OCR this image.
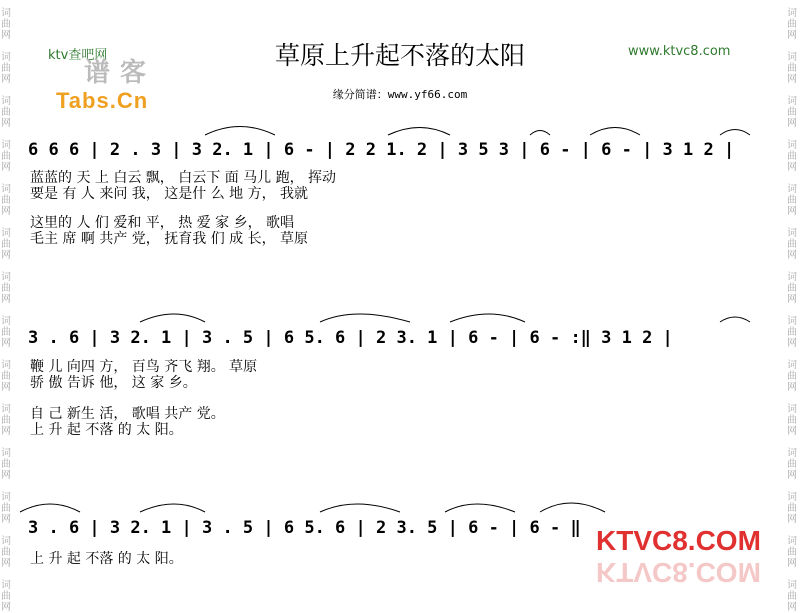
词
曲
网
词
曲
网
词
曲
网
词
曲
网
词
曲
网
词
曲
网
词
曲
网
词
曲
网
词
曲
网
词
曲
网
词
曲
网
词
曲
网
词
曲
网
词
曲
网
词
曲
网
词
曲
网
词
曲
网
词
曲
网
词
曲
网
词
曲
网
词
曲
网
词
曲
网
词
曲
网
词
曲
网
词
曲
网
词
曲
网
词
曲
网
词
曲
网
ktv查吧网
谱客
Tabs.Cn
www.ktvc8.com
草原上升起不落的太阳
缘分简谱：www.yf66.com
6 6 6 | 2 . 3 | 3 2. 1 | 6 - | 2 2 1. 2 | 3 5 3 | 6 - | 6 - | 3 1 2 |
蓝蓝的 天 上 白云 飘， 白云下 面 马儿 跑， 挥动
要是 有 人 来问 我， 这是什 么 地 方， 我就
这里的 人 们 爱和 平， 热 爱 家 乡， 歌唱
毛主 席 啊 共产 党， 抚育我 们 成 长， 草原
3 . 6 | 3 2. 1 | 3 . 5 | 6 5. 6 | 2 3. 1 | 6 - | 6 - :‖ 3 1 2 |
鞭 儿 向四 方， 百鸟 齐飞 翔。 草原
骄 傲 告诉 他， 这 家 乡。
自 己 新生 活， 歌唱 共产 党。
上 升 起 不落 的 太 阳。
3 . 6 | 3 2. 1 | 3 . 5 | 6 5. 6 | 2 3. 5 | 6 - | 6 - ‖
上 升 起 不落 的 太 阳。
KTVC8.COM
KTVC8.COM
